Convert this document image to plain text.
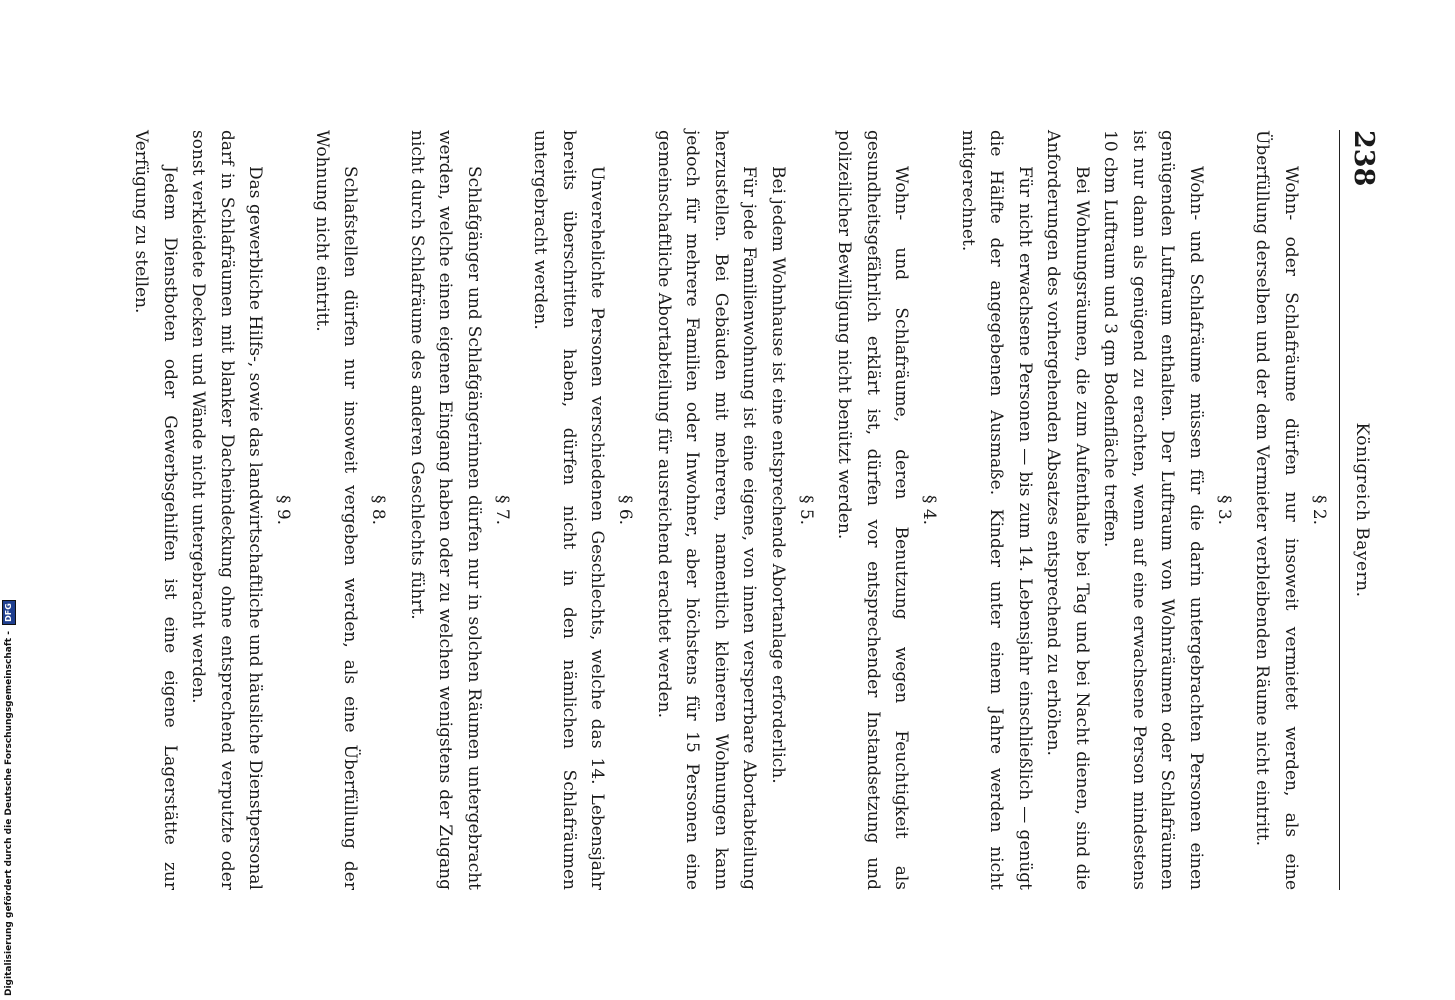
238
Königreich Bayern.
§ 2.

Wohn- oder Schlafräume dürfen nur insoweit vermietet werden, als eine Überfüllung derselben und der dem Vermieter verbleibenden Räume nicht eintritt.

§ 3.

Wohn- und Schlafräume müssen für die darin untergebrachten Personen einen genügenden Luftraum enthalten. Der Luftraum von Wohnräumen oder Schlafräumen ist nur dann als genügend zu erachten, wenn auf eine erwachsene Person mindestens 10 cbm Luftraum und 3 qm Bodenfläche treffen.

Bei Wohnungsräumen, die zum Aufenthalte bei Tag und bei Nacht dienen, sind die Anforderungen des vorhergehenden Absatzes entsprechend zu erhöhen.

Für nicht erwachsene Personen — bis zum 14. Lebensjahr einschließlich — genügt die Hälfte der angegebenen Ausmaße. Kinder unter einem Jahre werden nicht mitgerechnet.

§ 4.

Wohn- und Schlafräume, deren Benutzung wegen Feuchtigkeit als gesundheitsgefährlich erklärt ist, dürfen vor entsprechender Instandsetzung und polizeilicher Bewilligung nicht benützt werden.

§ 5.

Bei jedem Wohnhause ist eine entsprechende Abortanlage erforderlich.

Für jede Familienwohnung ist eine eigene, von innen versperrbare Abortabteilung herzustellen. Bei Gebäuden mit mehreren, namentlich kleineren Wohnungen kann jedoch für mehrere Familien oder Inwohner, aber höchstens für 15 Personen eine gemeinschaftliche Abortabteilung für ausreichend erachtet werden.

§ 6.

Unverehelichte Personen verschiedenen Geschlechts, welche das 14. Lebensjahr bereits überschritten haben, dürfen nicht in den nämlichen Schlafräumen untergebracht werden.

§ 7.

Schlafgänger und Schlafgängerinnen dürfen nur in solchen Räumen untergebracht werden, welche einen eigenen Eingang haben oder zu welchen wenigstens der Zugang nicht durch Schlafräume des anderen Geschlechts führt.

§ 8.

Schlafstellen dürfen nur insoweit vergeben werden, als eine Überfüllung der Wohnung nicht eintritt.

§ 9.

Das gewerbliche Hilfs-, sowie das landwirtschaftliche und häusliche Dienstpersonal darf in Schlafräumen mit blanker Dacheindeckung ohne entsprechend verputzte oder sonst verkleidete Decken und Wände nicht untergebracht werden.

Jedem Dienstboten oder Gewerbsgehilfen ist eine eigene Lagerstätte zur Verfügung zu stellen.

Digitalisierung gefördert durch die Deutsche Forschungsgemeinschaft - DFG
